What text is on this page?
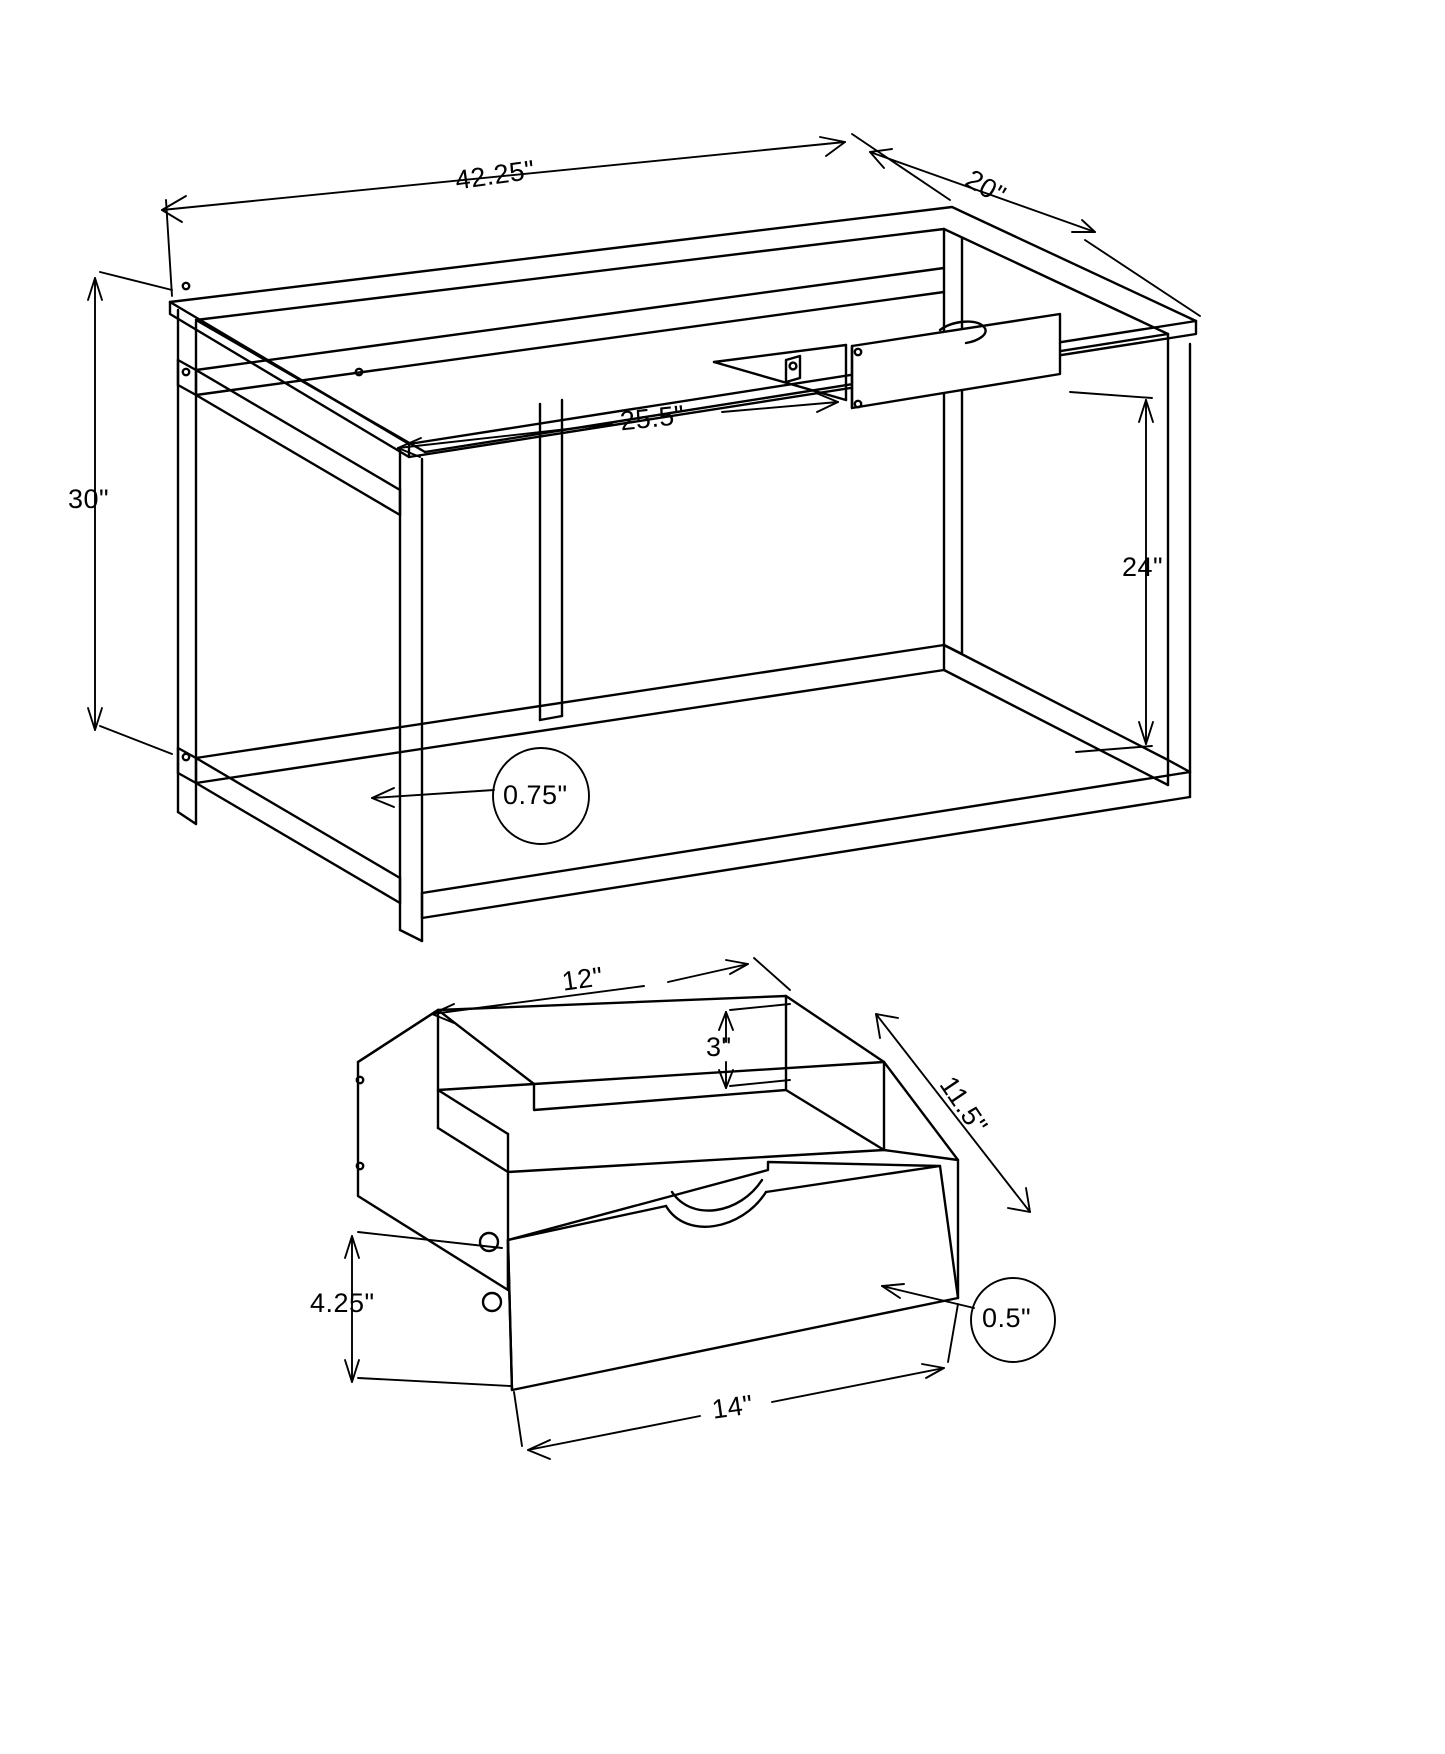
42.25"	20"
30"
25.5"
24"
0.75"
12"
3"
11.5"
4.25"
14"
0.5"
